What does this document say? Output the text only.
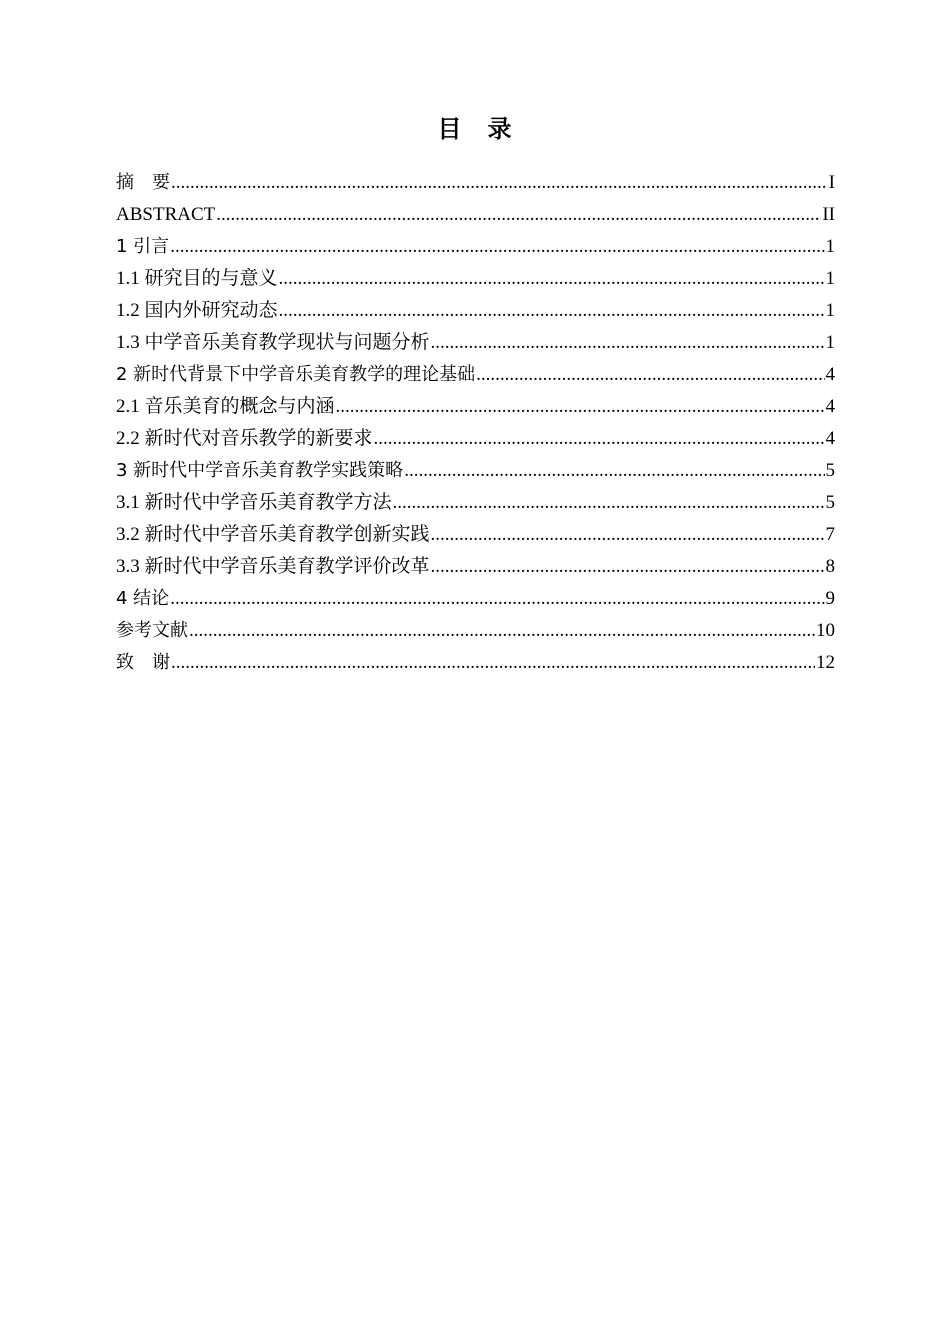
目　录
摘　要 .....	I
ABSTRACT .....	II
1 引言 .....	1
1.1 研究目的与意义 .....	1
1.2 国内外研究动态 .....	1
1.3 中学音乐美育教学现状与问题分析 .....	1
2 新时代背景下中学音乐美育教学的理论基础 .....	4
2.1 音乐美育的概念与内涵 .....	4
2.2 新时代对音乐教学的新要求 .....	4
3 新时代中学音乐美育教学实践策略 .....	5
3.1 新时代中学音乐美育教学方法 .....	5
3.2 新时代中学音乐美育教学创新实践 .....	7
3.3 新时代中学音乐美育教学评价改革 .....	8
4 结论 .....	9
参考文献 .....	10
致　谢 .....	12
